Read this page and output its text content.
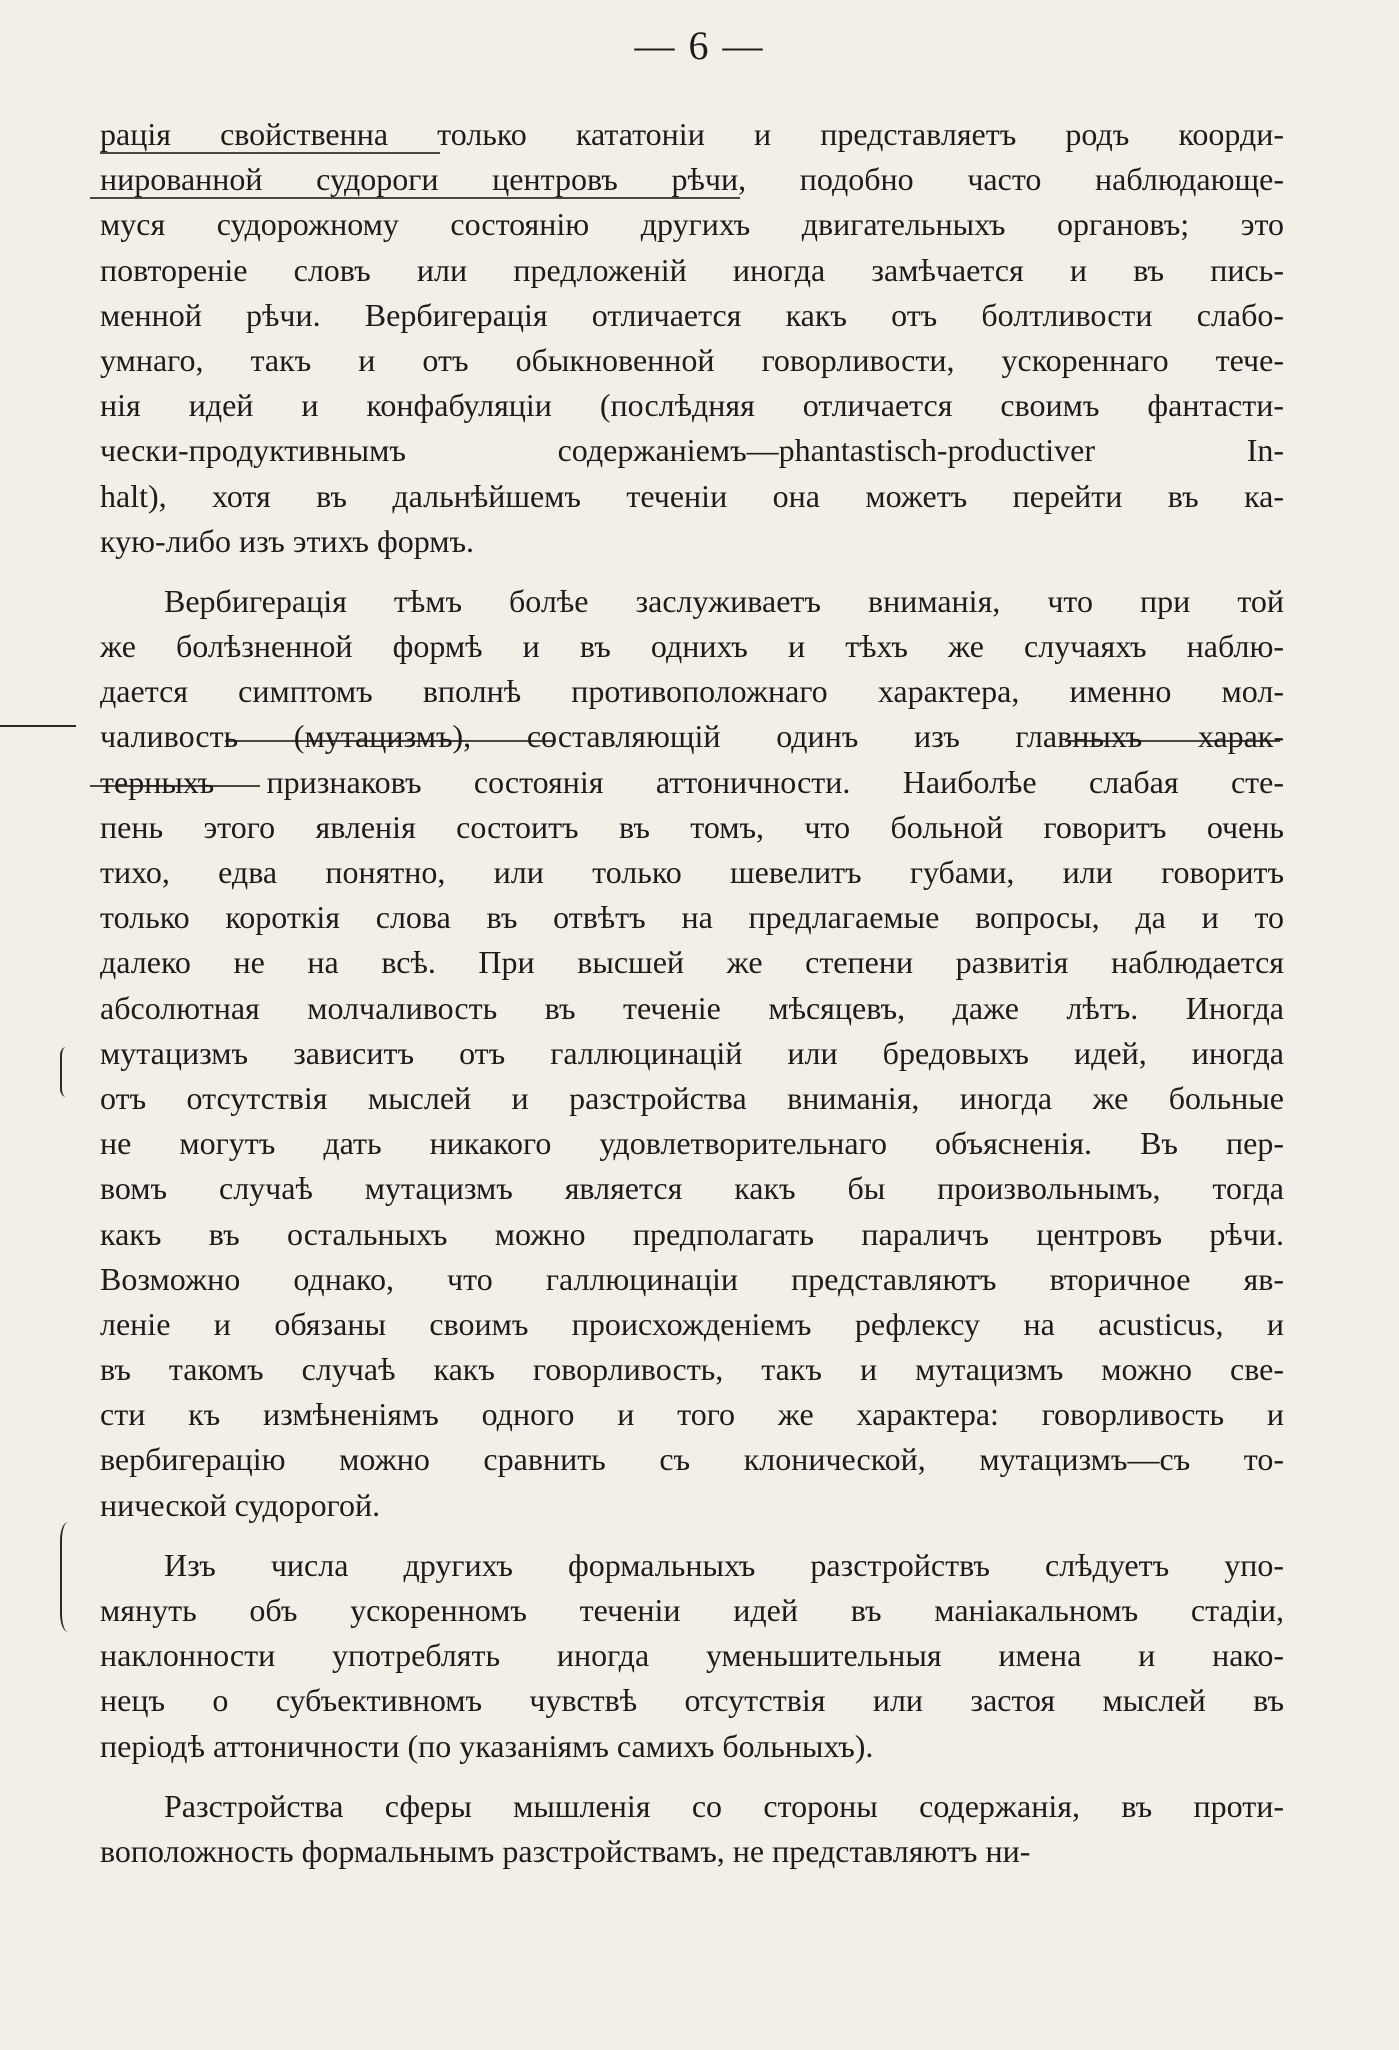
— 6 —
рація свойственна только кататоніи и представляетъ родъ коорди-
нированной судороги центровъ рѣчи, подобно часто наблюдающе-
муся судорожному состоянію другихъ двигательныхъ органовъ; это
повтореніе словъ или предложеній иногда замѣчается и въ пись-
менной рѣчи. Вербигерація отличается какъ отъ болтливости слабо-
умнаго, такъ и отъ обыкновенной говорливости, ускореннаго тече-
нія идей и конфабуляціи (послѣдняя отличается своимъ фантасти-
чески-продуктивнымъ содержаніемъ—phantastisch-productiver In-
halt), хотя въ дальнѣйшемъ теченіи она можетъ перейти въ ка-
кую-либо изъ этихъ формъ.
Вербигерація тѣмъ болѣе заслуживаетъ вниманія, что при той
же болѣзненной формѣ и въ однихъ и тѣхъ же случаяхъ наблю-
дается симптомъ вполнѣ противоположнаго характера, именно мол-
чаливость (мутацизмъ), составляющій одинъ изъ главныхъ харак-
терныхъ признаковъ состоянія аттоничности. Наиболѣе слабая сте-
пень этого явленія состоитъ въ томъ, что больной говоритъ очень
тихо, едва понятно, или только шевелитъ губами, или говоритъ
только короткія слова въ отвѣтъ на предлагаемые вопросы, да и то
далеко не на всѣ. При высшей же степени развитія наблюдается
абсолютная молчаливость въ теченіе мѣсяцевъ, даже лѣтъ. Иногда
мутацизмъ зависитъ отъ галлюцинацій или бредовыхъ идей, иногда
отъ отсутствія мыслей и разстройства вниманія, иногда же больные
не могутъ дать никакого удовлетворительнаго объясненія. Въ пер-
вомъ случаѣ мутацизмъ является какъ бы произвольнымъ, тогда
какъ въ остальныхъ можно предполагать параличъ центровъ рѣчи.
Возможно однако, что галлюцинаціи представляютъ вторичное яв-
леніе и обязаны своимъ происхожденіемъ рефлексу на acusticus, и
въ такомъ случаѣ какъ говорливость, такъ и мутацизмъ можно све-
сти къ измѣненіямъ одного и того же характера: говорливость и
вербигерацію можно сравнить съ клонической, мутацизмъ—съ то-
нической судорогой.
Изъ числа другихъ формальныхъ разстройствъ слѣдуетъ упо-
мянуть объ ускоренномъ теченіи идей въ маніакальномъ стадіи,
наклонности употреблять иногда уменьшительныя имена и нако-
нецъ о субъективномъ чувствѣ отсутствія или застоя мыслей въ
періодѣ аттоничности (по указаніямъ самихъ больныхъ).
Разстройства сферы мышленія со стороны содержанія, въ проти-
воположность формальнымъ разстройствамъ, не представляютъ ни-
